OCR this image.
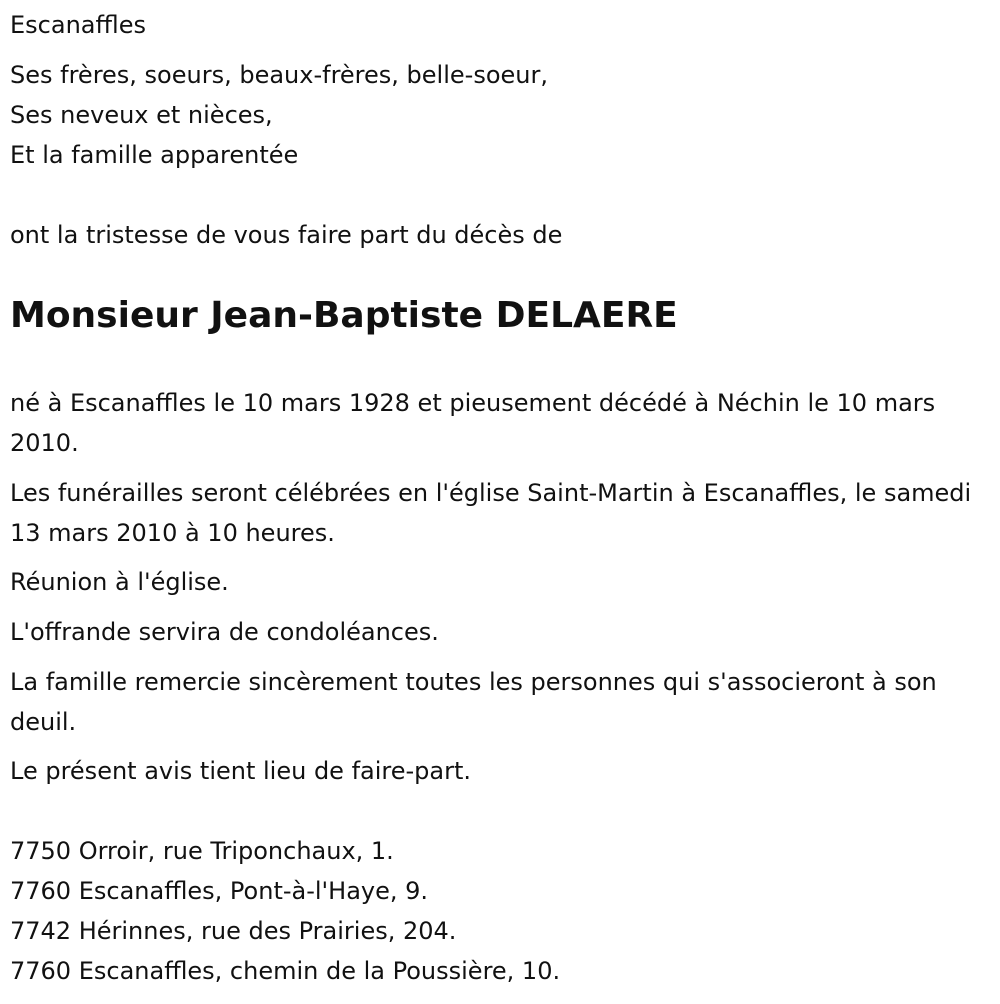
Escanaffles
Ses frères, soeurs, beaux-frères, belle-soeur,
Ses neveux et nièces,
Et la famille apparentée
ont la tristesse de vous faire part du décès de
Monsieur Jean-Baptiste DELAERE
né à Escanaffles le 10 mars 1928 et pieusement décédé à Néchin le 10 mars 2010.
Les funérailles seront célébrées en l'église Saint-Martin à Escanaffles, le samedi 13 mars 2010 à 10 heures.
Réunion à l'église.
L'offrande servira de condoléances.
La famille remercie sincèrement toutes les personnes qui s'associeront à son deuil.
Le présent avis tient lieu de faire-part.
7750 Orroir, rue Triponchaux, 1.
7760 Escanaffles, Pont-à-l'Haye, 9.
7742 Hérinnes, rue des Prairies, 204.
7760 Escanaffles, chemin de la Poussière, 10.
